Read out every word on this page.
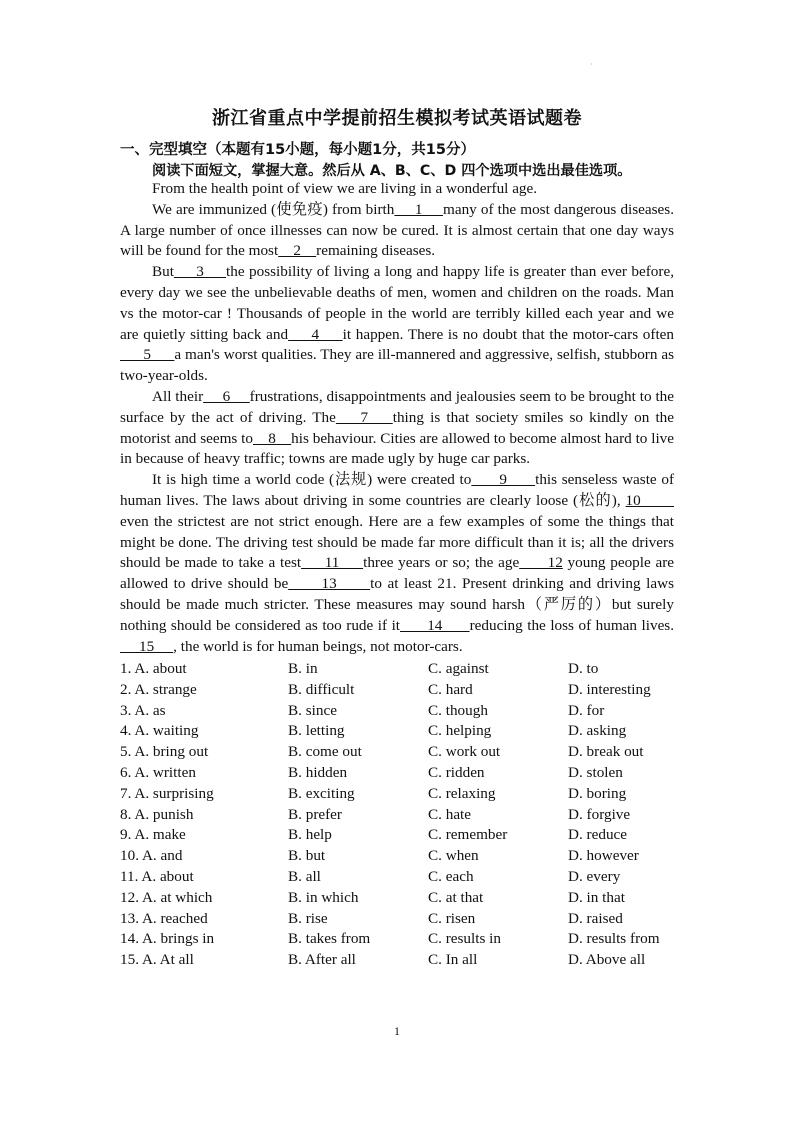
·
浙江省重点中学提前招生模拟考试英语试题卷
一、完型填空（本题有15小题，每小题1分，共15分）
阅读下面短文，掌握大意。然后从 A、B、C、D 四个选项中选出最佳选项。

From the health point of view we are living in a wonderful age.

We are immunized (使免疫) from birth     1     many of the most dangerous diseases. A large number of once illnesses can now be cured. It is almost certain that one day ways will be found for the most    2    remaining diseases.

But     3     the possibility of living a long and happy life is greater than ever before, every day we see the unbelievable deaths of men, women and children on the roads. Man vs the motor-car ! Thousands of people in the world are terribly killed each year and we are quietly sitting back and     4     it happen. There is no doubt that the motor-cars often      5      a man's worst qualities. They are ill-mannered and aggressive, selfish, stubborn as two-year-olds.

All their     6     frustrations, disappointments and jealousies seem to be brought to the surface by the act of driving. The    7    thing is that society smiles so kindly on the motorist and seems to    8    his behaviour. Cities are allowed to become almost hard to live in because of heavy traffic; towns are made ugly by huge car parks.

It is high time a world code (法规) were created to      9      this senseless waste of human lives. The laws about driving in some countries are clearly loose (松的), 10        even the strictest are not strict enough. Here are a few examples of some the things that might be done. The driving test should be made far more difficult than it is; all the drivers should be made to take a test     11     three years or so; the age      12 young people are allowed to drive should be      13      to at least 21. Present drinking and driving laws should be made much stricter. These measures may sound harsh（严厉的）but surely nothing should be considered as too rude if it      14      reducing the loss of human lives.     15     , the world is for human beings, not motor-cars.

1. A. about	B. in	C. against	D. to
2. A. strange	B. difficult	C. hard	D. interesting
3. A. as	B. since	C. though	D. for
4. A. waiting	B. letting	C. helping	D. asking
5. A. bring out	B. come out	C. work out	D. break out
6. A. written	B. hidden	C. ridden	D. stolen
7. A. surprising	B. exciting	C. relaxing	D. boring
8. A. punish	B. prefer	C. hate	D. forgive
9. A. make	B. help	C. remember	D. reduce
10. A. and	B. but	C. when	D. however
11. A. about	B. all	C. each	D. every
12. A. at which	B. in which	C. at that	D. in that
13. A. reached	B. rise	C. risen	D. raised
14. A. brings in	B. takes from	C. results in	D. results from
15. A. At all	B. After all	C. In all	D. Above all
1
